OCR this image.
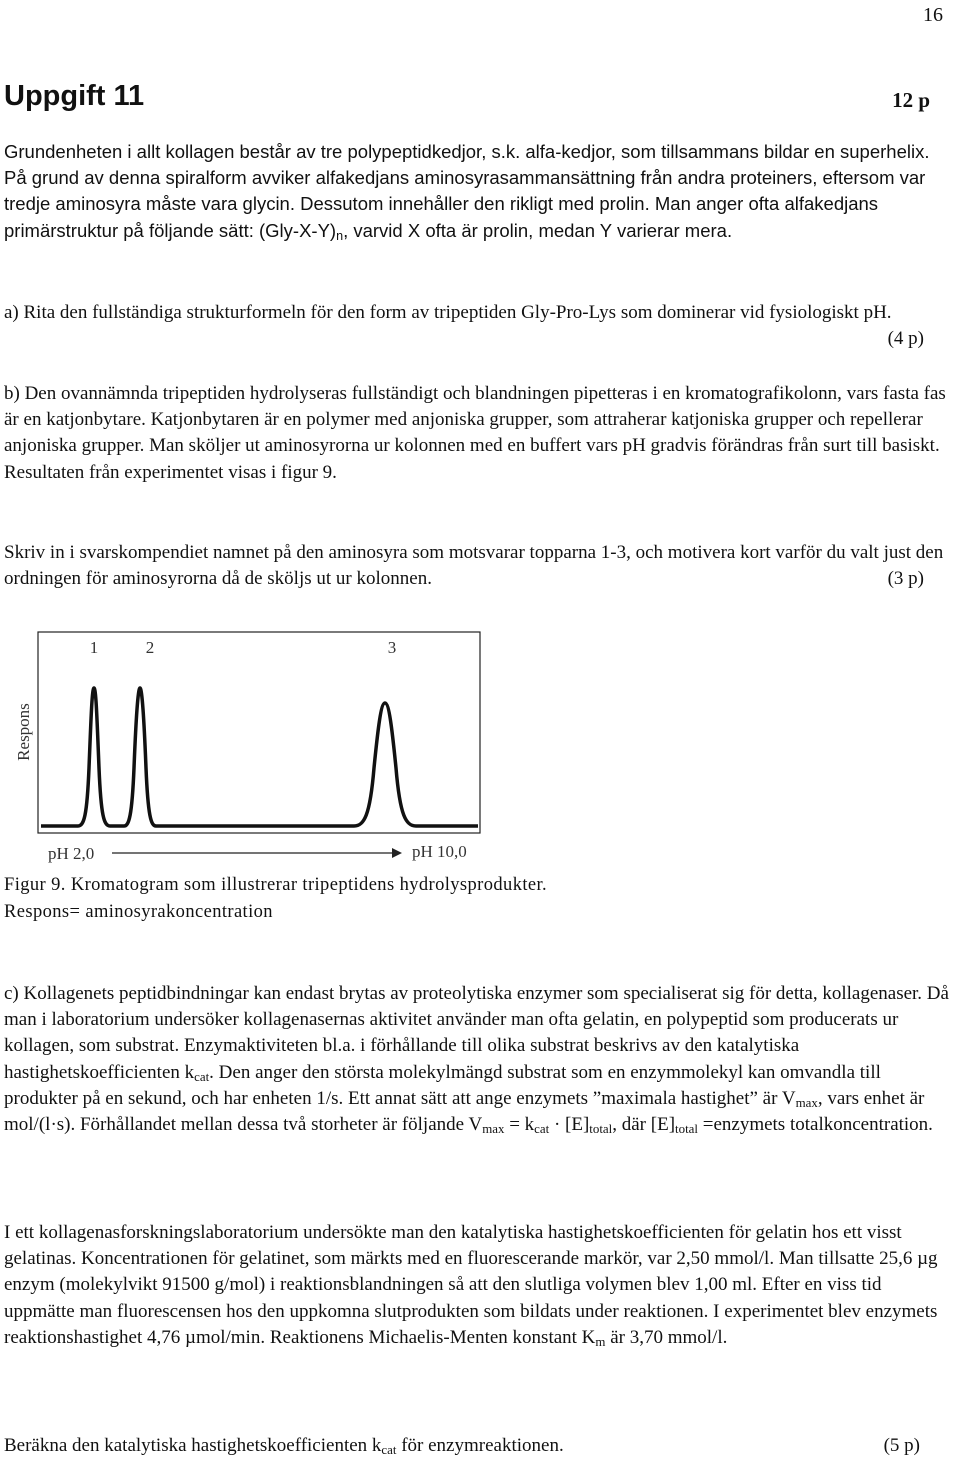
16
Uppgift 11	12 p

Grundenheten i allt kollagen består av tre polypeptidkedjor, s.k. alfa-kedjor, som tillsammans bildar en superhelix. På grund av denna spiralform avviker alfakedjans aminosyrasammansättning från andra proteiners, eftersom var tredje aminosyra måste vara glycin. Dessutom innehåller den rikligt med prolin. Man anger ofta alfakedjans primärstruktur på följande sätt: $(Gly-X-Y)_n$, varvid X ofta är prolin, medan Y varierar mera.

a) Rita den fullständiga strukturformeln för den form av tripeptiden Gly-Pro-Lys som dominerar vid fysiologiskt pH.
(4 p)

b) Den ovannämnda tripeptiden hydrolyseras fullständigt och blandningen pipetteras i en kromatografikolonn, vars fasta fas är en katjonbytare. Katjonbytaren är en polymer med anjoniska grupper, som attraherar katjoniska grupper och repellerar anjoniska grupper. Man sköljer ut aminosyrorna ur kolonnen med en buffert vars pH gradvis förändras från surt till basiskt. Resultaten från experimentet visas i figur 9.

Skriv in i svarskompendiet namnet på den aminosyra som motsvarar topparna 1-3, och motivera kort varför du valt just den ordningen för aminosyrorna då de sköljs ut ur kolonnen.	(3 p)

1	2	3
Respons
pH 2,0	pH 10,0
Figur 9. Kromatogram som illustrerar tripeptidens hydrolysprodukter.
Respons= aminosyrakoncentration

c) Kollagenets peptidbindningar kan endast brytas av proteolytiska enzymer som specialiserat sig för detta, kollagenaser. Då man i laboratorium undersöker kollagenasernas aktivitet använder man ofta gelatin, en polypeptid som producerats ur kollagen, som substrat. Enzymaktiviteten bl.a. i förhållande till olika substrat beskrivs av den katalytiska hastighetskoefficienten $k_{cat}$. Den anger den största molekylmängd substrat som en enzymmolekyl kan omvandla till produkter på en sekund, och har enheten 1/s. Ett annat sätt att ange enzymets ”maximala hastighet” är $V_{max}$, vars enhet är mol/(l·s). Förhållandet mellan dessa två storheter är följande $V_{max} = k_{cat} \cdot [E]_{total}$, där $[E]_{total}$ =enzymets totalkoncentration.

I ett kollagenasforskningslaboratorium undersökte man den katalytiska hastighetskoefficienten för gelatin hos ett visst gelatinas. Koncentrationen för gelatinet, som märkts med en fluorescerande markör, var 2,50 mmol/l. Man tillsatte 25,6 µg enzym (molekylvikt 91500 g/mol) i reaktionsblandningen så att den slutliga volymen blev 1,00 ml. Efter en viss tid uppmätte man fluorescensen hos den uppkomna slutprodukten som bildats under reaktionen. I experimentet blev enzymets reaktionshastighet 4,76 µmol/min. Reaktionens Michaelis-Menten konstant $K_m$ är 3,70 mmol/l.

Beräkna den katalytiska hastighetskoefficienten $k_{cat}$ för enzymreaktionen.	(5 p)
